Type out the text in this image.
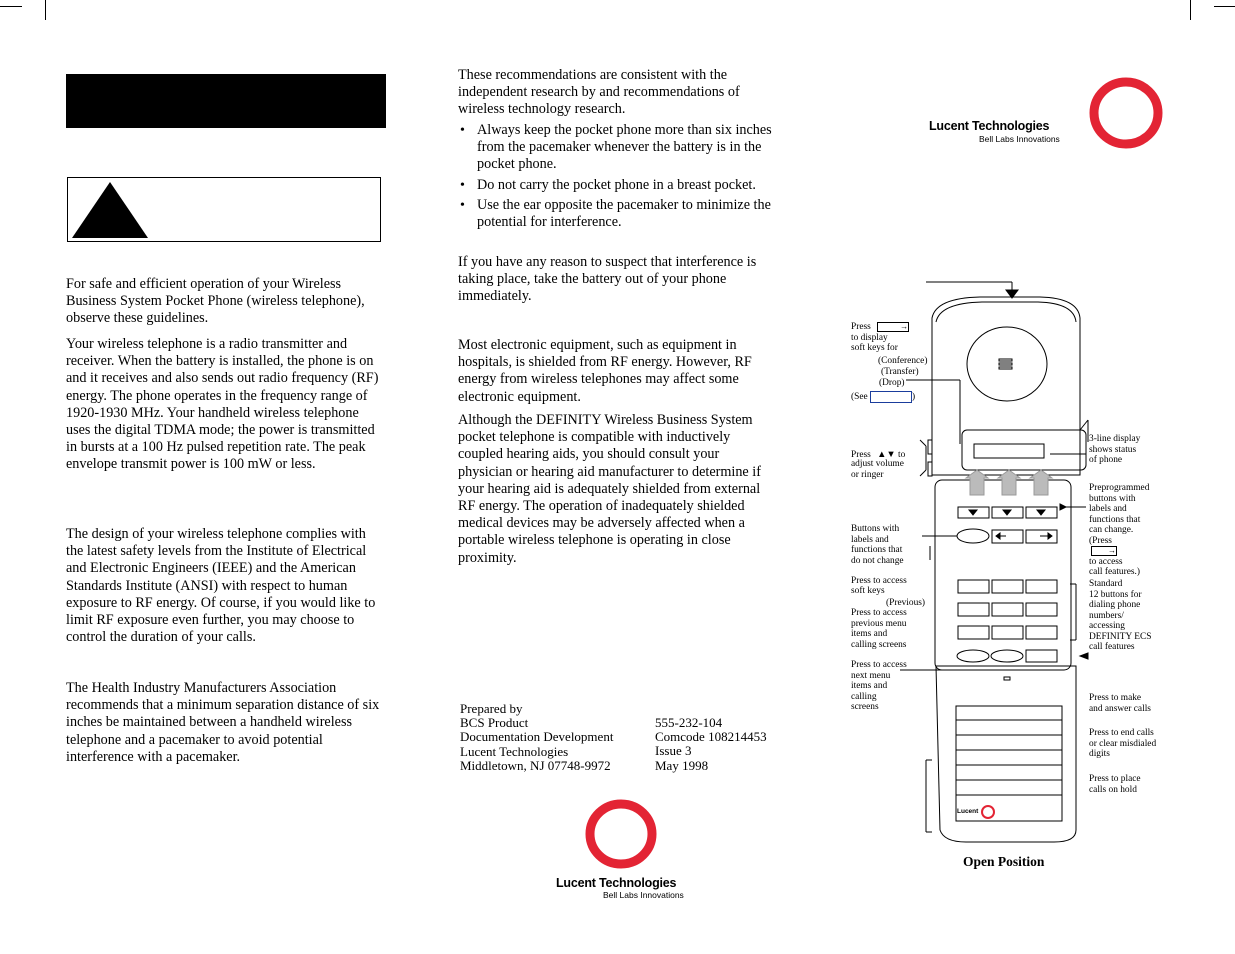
For safe and efficient operation of your Wireless Business System Pocket Phone (wireless telephone), observe these guidelines.
Your wireless telephone is a radio transmitter and receiver. When the battery is installed, the phone is on and it receives and also sends out radio frequency (RF) energy. The phone operates in the frequency range of 1920-1930 MHz. Your handheld wireless telephone uses the digital TDMA mode; the power is transmitted in bursts at a 100 Hz pulsed repetition rate. The peak envelope transmit power is 100 mW or less.
The design of your wireless telephone complies with the latest safety levels from the Institute of Electrical and Electronic Engineers (IEEE) and the American Standards Institute (ANSI) with respect to human exposure to RF energy. Of course, if you would like to limit RF exposure even further, you may choose to control the duration of your calls.
The Health Industry Manufacturers Association recommends that a minimum separation distance of six inches be maintained between a handheld wireless telephone and a pacemaker to avoid potential interference with a pacemaker.
These recommendations are consistent with the independent research by and recommendations of wireless technology research.
• Always keep the pocket phone more than six inches from the pacemaker whenever the battery is in the pocket phone.
• Do not carry the pocket phone in a breast pocket.
• Use the ear opposite the pacemaker to minimize the potential for interference.
If you have any reason to suspect that interference is taking place, take the battery out of your phone immediately.
Most electronic equipment, such as equipment in hospitals, is shielded from RF energy. However, RF energy from wireless telephones may affect some electronic equipment.
Although the DEFINITY Wireless Business System pocket telephone is compatible with inductively coupled hearing aids, you should consult your physician or hearing aid manufacturer to determine if your hearing aid is adequately shielded from external RF energy. The operation of inadequately shielded medical devices may be adversely affected when a portable wireless telephone is operating in close proximity.
Prepared by
BCS Product
Documentation Development
Lucent Technologies
Middletown, NJ 07748-9972
555-232-104
Comcode 108214453
Issue 3
May 1998
Lucent Technologies
Bell Labs Innovations
Lucent Technologies
Bell Labs Innovations
Press	→
to display
soft keys for
(Conference)
(Transfer)
(Drop)
(See	)
Press ▲▼ to
adjust volume
or ringer
Buttons with
labels and
functions that
do not change
Press to access
soft keys
(Previous)
Press to access
previous menu
items and
calling screens
Press to access
next menu
items and
calling
screens
3-line display
shows status
of phone
Preprogrammed
buttons with
labels and
functions that
can change.
(Press
→
to access
call features.)
Standard
12 buttons for
dialing phone
numbers/
accessing
DEFINITY ECS
call features
Press to make
and answer calls
Press to end calls
or clear misdialed
digits
Press to place
calls on hold
Lucent
Open Position
